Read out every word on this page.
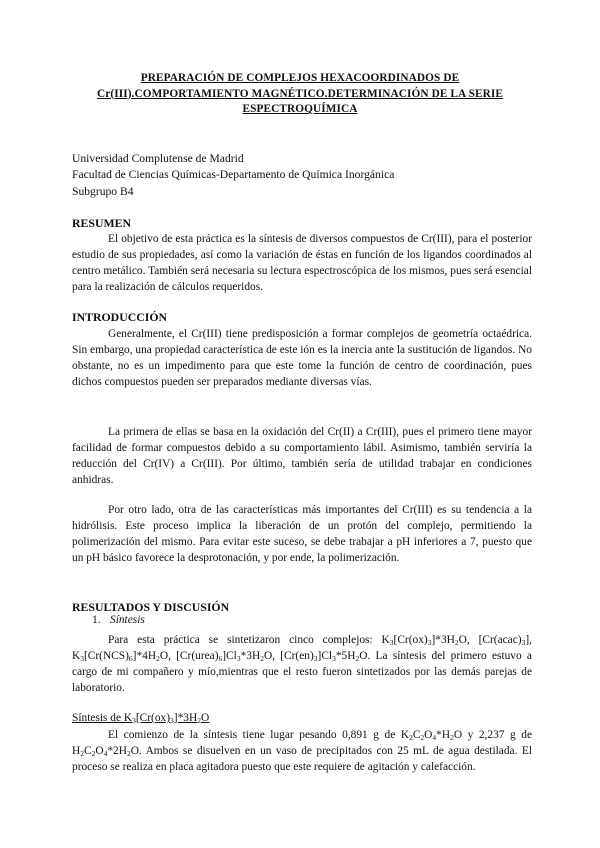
PREPARACIÓN DE COMPLEJOS HEXACOORDINADOS DE
Cr(III).COMPORTAMIENTO MAGNÉTICO.DETERMINACIÓN DE LA SERIE
ESPECTROQUÍMICA
Universidad Complutense de Madrid
Facultad de Ciencias Químicas-Departamento de Química Inorgánica
Subgrupo B4
RESUMEN

El objetivo de esta práctica es la síntesis de diversos compuestos de Cr(III), para el posterior estudio de sus propiedades, así como la variación de éstas en función de los ligandos coordinados al centro metálico. También será necesaria su lectura espectroscópica de los mismos, pues será esencial para la realización de cálculos requeridos.

INTRODUCCIÓN

Generalmente, el Cr(III) tiene predisposición a formar complejos de geometría octaédrica. Sin embargo, una propiedad característica de este ión es la inercia ante la sustitución de ligandos. No obstante, no es un impedimento para que este tome la función de centro de coordinación, pues dichos compuestos pueden ser preparados mediante diversas vías.

La primera de ellas se basa en la oxidación del Cr(II) a Cr(III), pues el primero tiene mayor facilidad de formar compuestos debido a su comportamiento lábil. Asimismo, también serviría la reducción del Cr(IV) a Cr(III). Por último, también sería de utilidad trabajar en condiciones anhidras.

Por otro lado, otra de las características más importantes del Cr(III) es su tendencia a la hidrólisis. Este proceso implica la liberación de un protón del complejo, permitiendo la polimerización del mismo. Para evitar este suceso, se debe trabajar a pH inferiores a 7, puesto que un pH básico favorece la desprotonación, y por ende, la polimerización.

RESULTADOS Y DISCUSIÓN
1. Síntesis

Para esta práctica se sintetizaron cinco complejos: $K_3[Cr(ox)_3]*3H_2O$, $[Cr(acac)_3]$, $K_3[Cr(NCS)_6]*4H_2O$, $[Cr(urea)_6]Cl_3*3H_2O$, $[Cr(en)_3]Cl_3*5H_2O$. La síntesis del primero estuvo a cargo de mi compañero y mío,mientras que el resto fueron sintetizados por las demás parejas de laboratorio.

Síntesis de $K_3[Cr(ox)_3]*3H_2O$

El comienzo de la síntesis tiene lugar pesando 0,891 g de $K_2C_2O_4*H_2O$ y 2,237 g de $H_2C_2O_4*2H_2O$. Ambos se disuelven en un vaso de precipitados con 25 mL de agua destilada. El proceso se realiza en placa agitadora puesto que este requiere de agitación y calefacción.
